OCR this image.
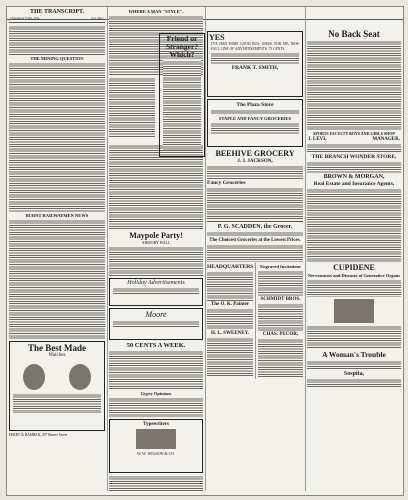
THE TRANSCRIPT.
Chippewa Falls, Wis.	Sat. Dec.
THE MINING QUESTION
BURNT RAILWAYMEN NEWS
The Best Made
Watches
FERRY & RAMBER, 297 Burnet Street
WHERE A MAN "STYLE".
Friend or Stranger? Which?
Maypole Party!
ARMORY HALL
Holiday Advertisements
Moore
50 CENTS A WEEK.
Gypsy Opinions
Typewriters
W. W. WIGSON & CO.
YES
I'VE HAD SOME GOOD BUS- INESS. FOR ME, NEW FALL LINE OF ADVERTISEMENTS. 75 CENTS.
FRANK T. SMITH,
The Plaza Store
STAPLE AND FANCY GROCERIES
BEEHIVE GROCERY
J. J. JACKSON,
Fancy Groceries
P. G. SCADDEN, the Grocer.
The Choicest Groceries at the Lowest Prices.
HEADQUARTERS
The O. K. Painter
H. L. SWEENEY.
Engraved Invitations
SCHMIDT BROS.
CHAS. PECOR,
No Back Seat
SPORTS FACULTY BOYS AND GIRLS SHOP
J. LEVI,	MANAGER.
THE BRANCH WONDER STORE,
BROWN & MORGAN,
Real Estate and Insurance Agents,
CUPIDENE
Nervousness and Diseases of Generative Organs
A Woman's Trouble
Sospita,
